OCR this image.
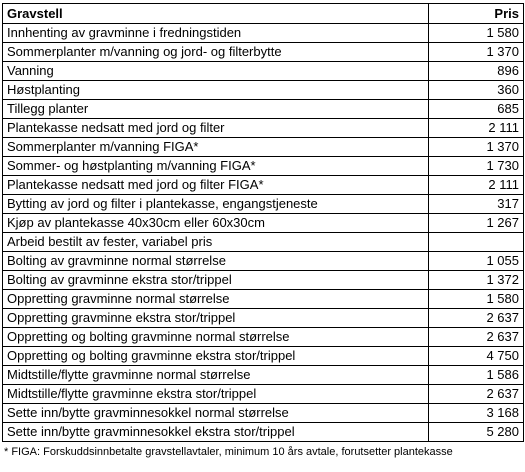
Gravstell	Pris
Innhenting av gravminne i fredningstiden	1 580
Sommerplanter m/vanning og jord- og filterbytte	1 370
Vanning	896
Høstplanting	360
Tillegg planter	685
Plantekasse nedsatt med jord og filter	2 111
Sommerplanter m/vanning FIGA*	1 370
Sommer- og høstplanting m/vanning FIGA*	1 730
Plantekasse nedsatt med jord og filter FIGA*	2 111
Bytting av jord og filter i plantekasse, engangstjeneste	317
Kjøp av plantekasse 40x30cm eller 60x30cm	1 267
Arbeid bestilt av fester, variabel pris	
Bolting av gravminne normal størrelse	1 055
Bolting av gravminne ekstra stor/trippel	1 372
Oppretting gravminne normal størrelse	1 580
Oppretting gravminne ekstra stor/trippel	2 637
Oppretting og bolting gravminne normal størrelse	2 637
Oppretting og bolting gravminne ekstra stor/trippel	4 750
Midtstille/flytte gravminne normal størrelse	1 586
Midtstille/flytte gravminne ekstra stor/trippel	2 637
Sette inn/bytte gravminnesokkel normal størrelse	3 168
Sette inn/bytte gravminnesokkel ekstra stor/trippel	5 280
* FIGA: Forskuddsinnbetalte gravstellavtaler, minimum 10 års avtale, forutsetter plantekasse
